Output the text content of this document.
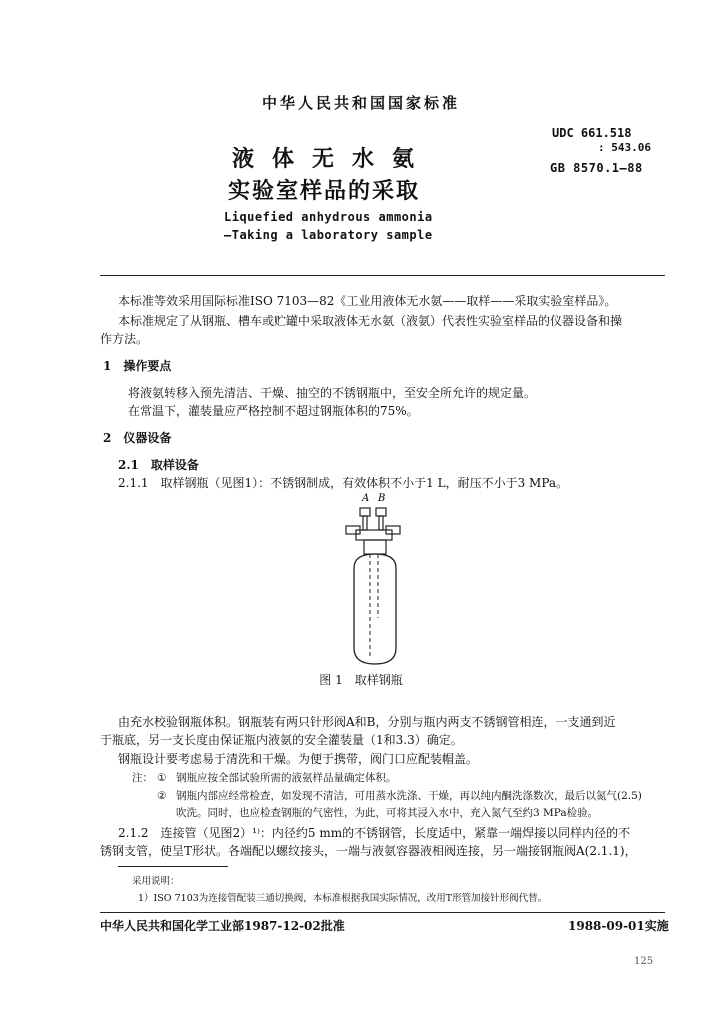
中华人民共和国国家标准
液体无水氨
实验室样品的采取
Liquefied anhydrous ammonia
—Taking a laboratory sample
UDC 661.518
: 543.06
GB 8570.1—88
本标准等效采用国际标准ISO 7103—82《工业用液体无水氨——取样——采取实验室样品》。
本标准规定了从钢瓶、槽车或贮罐中采取液体无水氨（液氨）代表性实验室样品的仪器设备和操
作方法。
1　操作要点
将液氨转移入预先清洁、干燥、抽空的不锈钢瓶中，至安全所允许的规定量。
在常温下，灌装量应严格控制不超过钢瓶体积的75%。
2　仪器设备
2.1　取样设备
2.1.1　取样钢瓶（见图1）：不锈钢制成，有效体积不小于1 L，耐压不小于3 MPa。
A B
图 1　取样钢瓶
由充水校验钢瓶体积。钢瓶装有两只针形阀A和B，分别与瓶内两支不锈钢管相连，一支通到近
于瓶底，另一支长度由保证瓶内液氨的安全灌装量（1和3.3）确定。
钢瓶设计要考虑易于清洗和干燥。为便于携带，阀门口应配装帽盖。
注： ① 钢瓶应按全部试验所需的液氨样品量确定体积。
② 钢瓶内部应经常检查，如发现不清洁，可用蒸水洗涤、干燥，再以纯内酮洗涤数次，最后以氮气(2.5)
吹洗。同时，也应检查钢瓶的气密性，为此，可将其浸入水中，充入氮气至约3 MPa检验。
2.1.2　连接管（见图2）¹⁾：内径约5 mm的不锈钢管，长度适中，紧靠一端焊接以同样内径的不
锈钢支管，使呈T形状。各端配以螺纹接头，一端与液氨容器液相阀连接，另一端接钢瓶阀A(2.1.1)，
采用说明：
1）ISO 7103为连接管配装三通切换阀，本标准根据我国实际情况，改用T形管加接针形阀代替。
中华人民共和国化学工业部1987-12-02批准	1988-09-01实施
125
